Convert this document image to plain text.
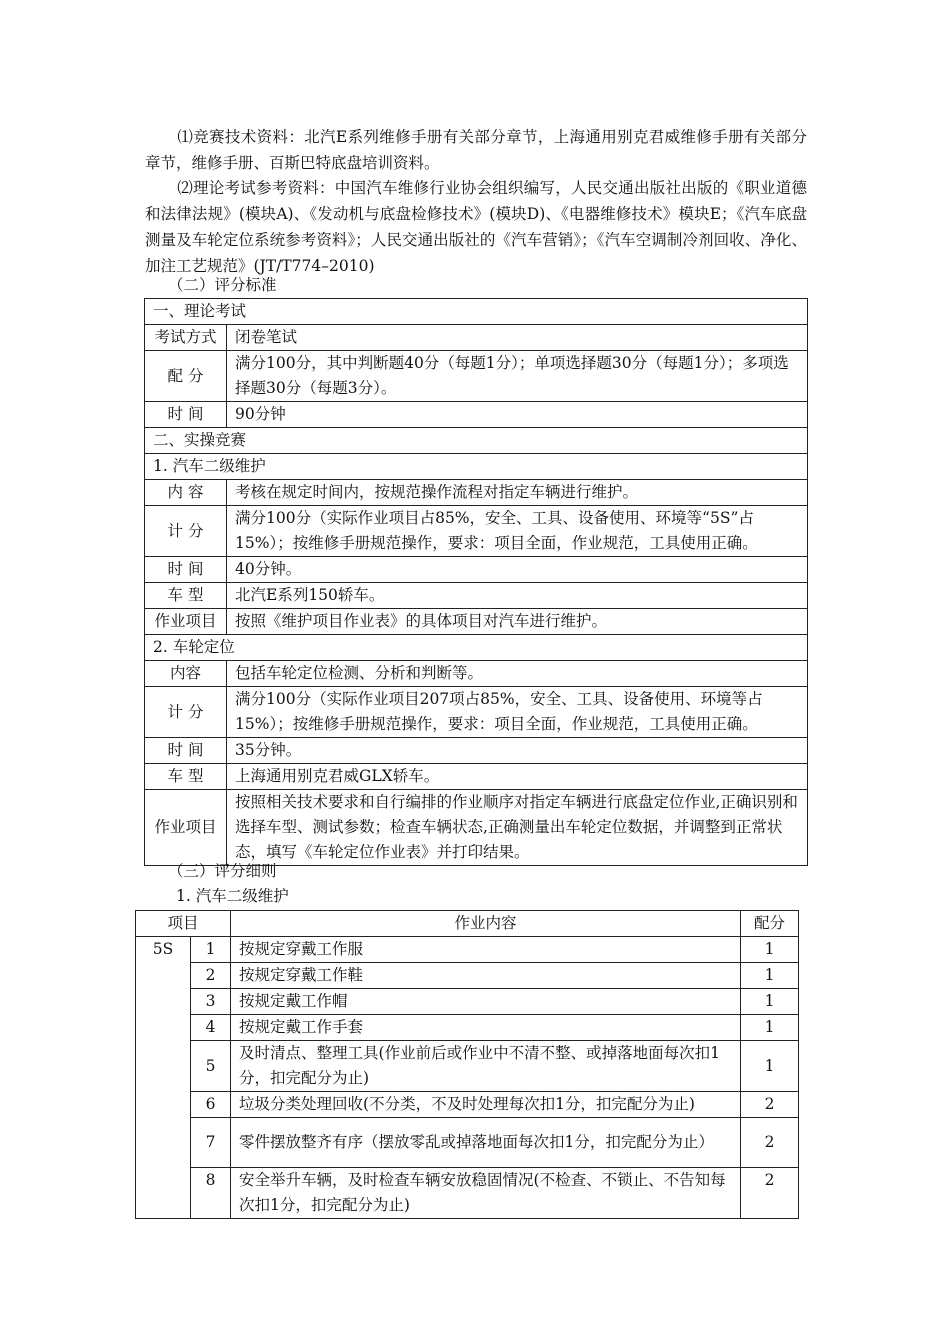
⑴竞赛技术资料：北汽E系列维修手册有关部分章节，上海通用别克君威维修手册有关部分章节，维修手册、百斯巴特底盘培训资料。

⑵理论考试参考资料：中国汽车维修行业协会组织编写，人民交通出版社出版的《职业道德和法律法规》(模块A)、《发动机与底盘检修技术》(模块D)、《电器维修技术》模块E；《汽车底盘测量及车轮定位系统参考资料》；人民交通出版社的《汽车营销》；《汽车空调制冷剂回收、净化、加注工艺规范》(JT/T774–2010)

（二）评分标准

一、理论考试	
考试方式	闭卷笔试
配 分	满分100分，其中判断题40分（每题1分）；单项选择题30分（每题1分）；多项选择题30分（每题3分）。
时 间	90分钟
二、实操竞赛	
1. 汽车二级维护	
内 容	考核在规定时间内，按规范操作流程对指定车辆进行维护。
计 分	满分100分（实际作业项目占85%，安全、工具、设备使用、环境等“5S”占15%）；按维修手册规范操作，要求：项目全面，作业规范，工具使用正确。
时 间	40分钟。
车 型	北汽E系列150轿车。
作业项目	按照《维护项目作业表》的具体项目对汽车进行维护。
2. 车轮定位	
内容	包括车轮定位检测、分析和判断等。
计 分	满分100分（实际作业项目207项占85%，安全、工具、设备使用、环境等占15%）；按维修手册规范操作，要求：项目全面，作业规范，工具使用正确。
时 间	35分钟。
车 型	上海通用别克君威GLX轿车。
作业项目	按照相关技术要求和自行编排的作业顺序对指定车辆进行底盘定位作业,正确识别和选择车型、测试参数；检查车辆状态,正确测量出车轮定位数据，并调整到正常状态，填写《车轮定位作业表》并打印结果。

（三）评分细则

1. 汽车二级维护

项目		作业内容	配分
5S	1	按规定穿戴工作服	1
	2	按规定穿戴工作鞋	1
	3	按规定戴工作帽	1
	4	按规定戴工作手套	1
	5	及时清点、整理工具(作业前后或作业中不清不整、或掉落地面每次扣1分，扣完配分为止)	1
	6	垃圾分类处理回收(不分类，不及时处理每次扣1分，扣完配分为止)	2
	7	零件摆放整齐有序（摆放零乱或掉落地面每次扣1分，扣完配分为止）	2
	8	安全举升车辆，及时检查车辆安放稳固情况(不检查、不锁止、不告知每次扣1分，扣完配分为止)	2
